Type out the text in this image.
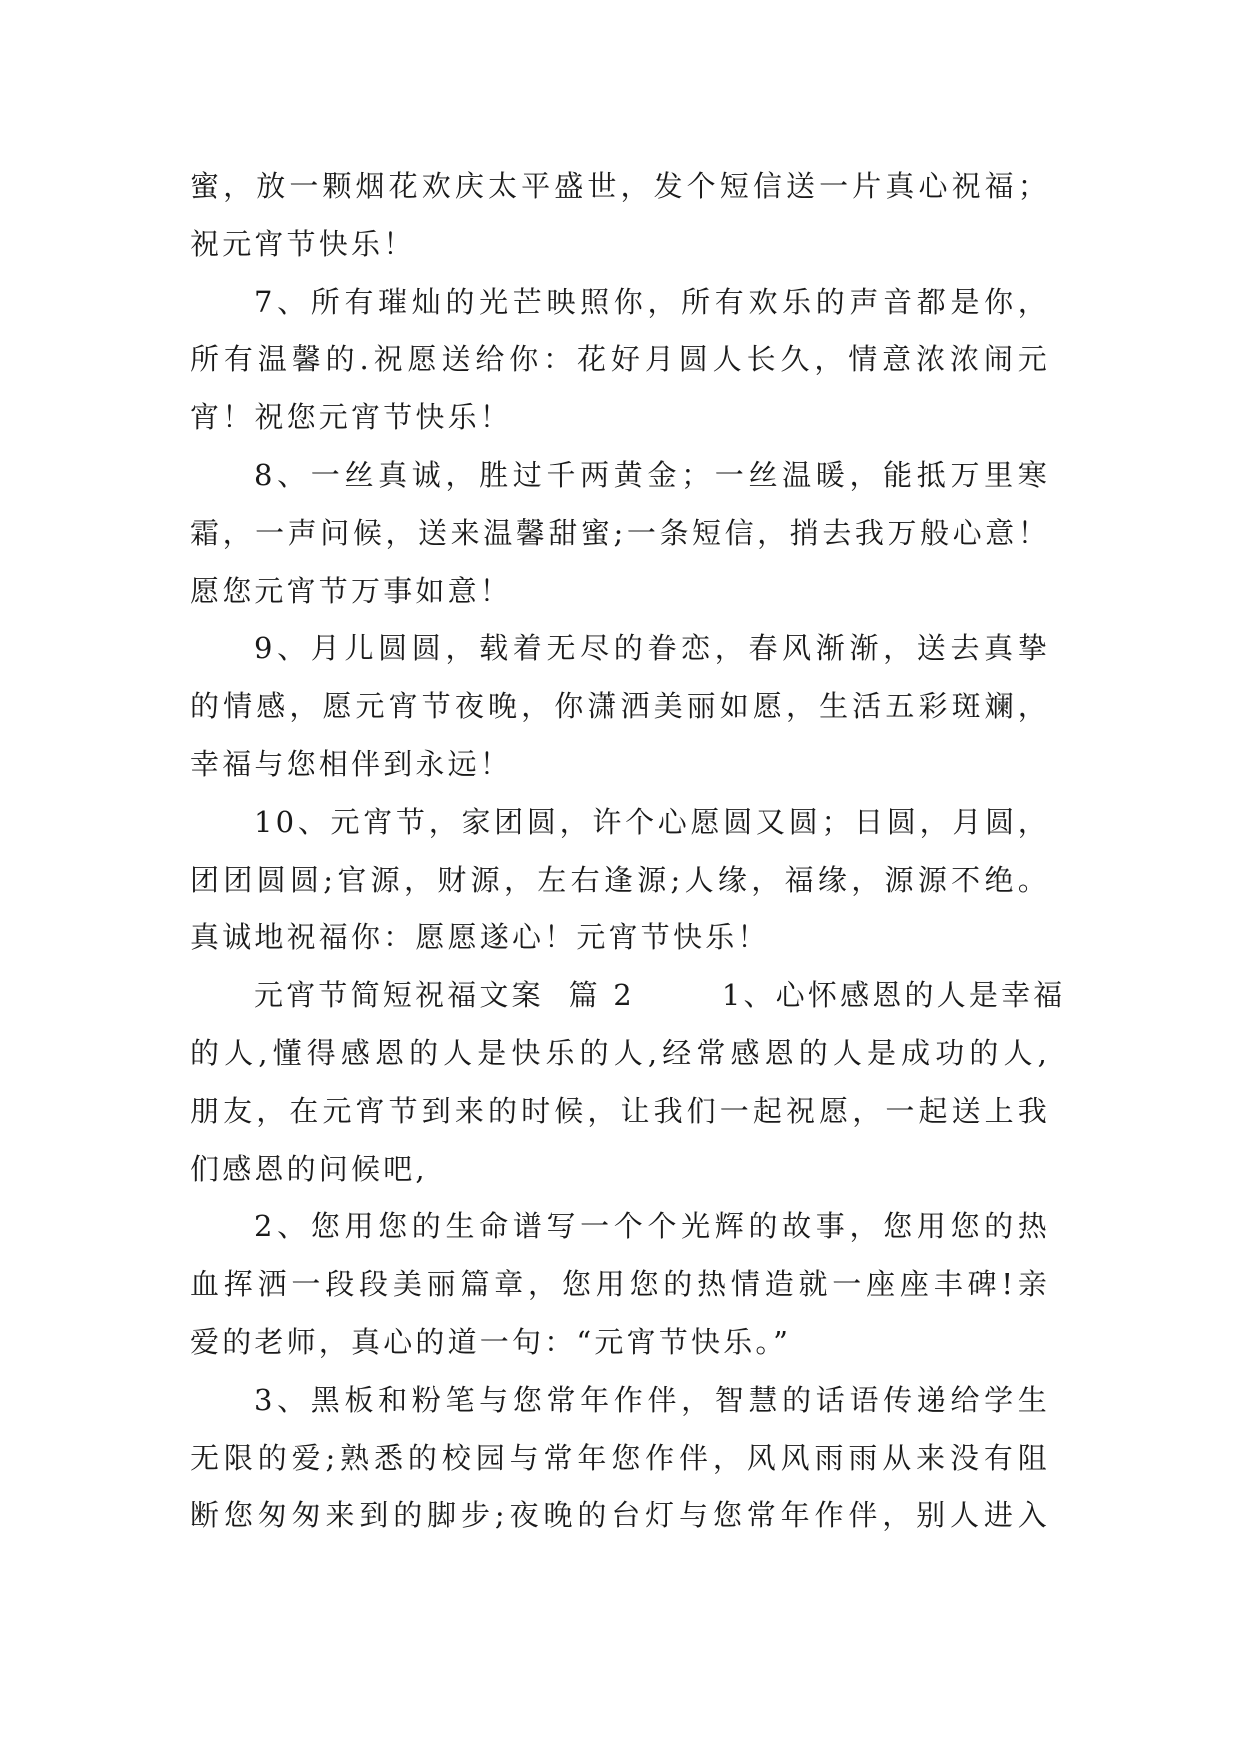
蜜，放一颗烟花欢庆太平盛世，发个短信送一片真心祝福；
祝元宵节快乐！
7、所有璀灿的光芒映照你，所有欢乐的声音都是你，
所有温馨的.祝愿送给你：花好月圆人长久，情意浓浓闹元
宵！祝您元宵节快乐！
8、一丝真诚，胜过千两黄金；一丝温暖，能抵万里寒
霜，一声问候，送来温馨甜蜜;一条短信，捎去我万般心意！
愿您元宵节万事如意！
9、月儿圆圆，载着无尽的眷恋，春风渐渐，送去真挚
的情感，愿元宵节夜晚，你潇洒美丽如愿，生活五彩斑斓，
幸福与您相伴到永远！
10、元宵节，家团圆，许个心愿圆又圆；日圆，月圆，
团团圆圆;官源，财源，左右逢源;人缘，福缘，源源不绝。
真诚地祝福你：愿愿遂心！元宵节快乐！
元宵节简短祝福文案  篇 2       1、心怀感恩的人是幸福
的人,懂得感恩的人是快乐的人,经常感恩的人是成功的人,
朋友，在元宵节到来的时候，让我们一起祝愿，一起送上我
们感恩的问候吧,
2、您用您的生命谱写一个个光辉的故事，您用您的热
血挥洒一段段美丽篇章，您用您的热情造就一座座丰碑!亲
爱的老师，真心的道一句：“元宵节快乐。”
3、黑板和粉笔与您常年作伴，智慧的话语传递给学生
无限的爱;熟悉的校园与常年您作伴，风风雨雨从来没有阻
断您匆匆来到的脚步;夜晚的台灯与您常年作伴，别人进入
